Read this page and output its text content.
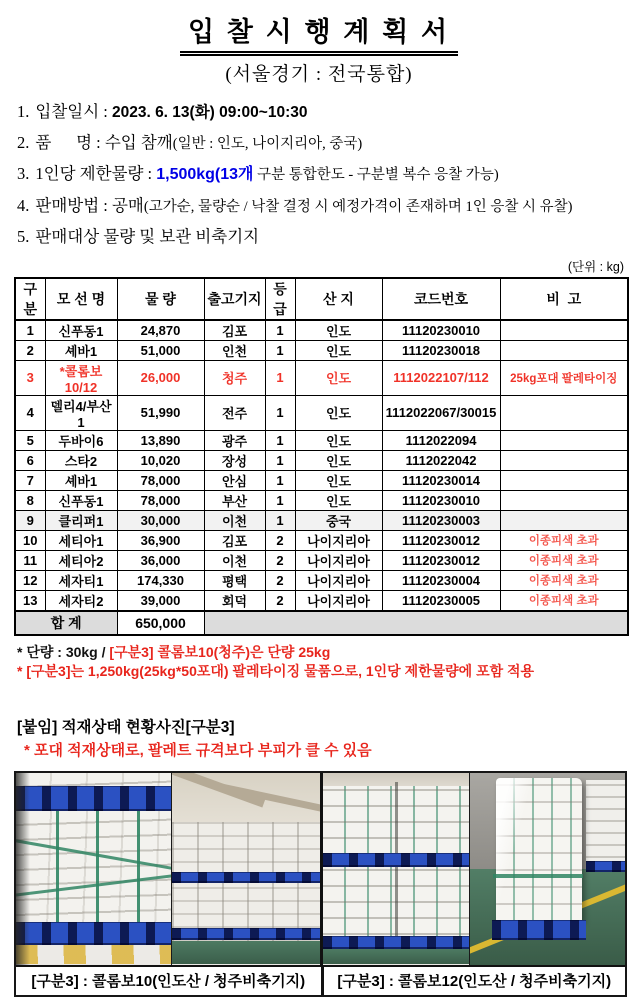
입 찰 시 행 계 획 서
(서울경기 : 전국통합)
1. 입찰일시 : 2023. 6. 13(화) 09:00~10:30
2. 품      명 : 수입 참깨(일반 : 인도, 나이지리아, 중국)
3. 1인당 제한물량 : 1,500kg(13개 구분 통합한도 - 구분별 복수 응찰 가능)
4. 판매방법 : 공매(고가순, 물량순 / 낙찰 결정 시 예정가격이 존재하며 1인 응찰 시 유찰)
5. 판매대상 물량 및 보관 비축기지
(단위 : kg)
구분	모 선 명	물 량	출고기지	등급	산 지	코드번호	비  고
1	신푸동1	24,870	김포	1	인도	11120230010	
2	셰바1	51,000	인천	1	인도	11120230018	
3	*콜롬보10/12	26,000	청주	1	인도	1112022107/112	25kg포대 팔레타이징
4	델리4/부산1	51,990	전주	1	인도	1112022067/30015	
5	두바이6	13,890	광주	1	인도	1112022094	
6	스타2	10,020	장성	1	인도	1112022042	
7	셰바1	78,000	안심	1	인도	11120230014	
8	신푸동1	78,000	부산	1	인도	11120230010	
9	클리퍼1	30,000	이천	1	중국	11120230003	
10	세티아1	36,900	김포	2	나이지리아	11120230012	이종피색 초과
11	세티아2	36,000	이천	2	나이지리아	11120230012	이종피색 초과
12	세자티1	174,330	평택	2	나이지리아	11120230004	이종피색 초과
13	세자티2	39,000	회덕	2	나이지리아	11120230005	이종피색 초과
합 계		650,000					
* 단량 : 30kg / [구분3] 콜롬보10(청주)은 단량 25kg
* [구분3]는 1,250kg(25kg*50포대) 팔레타이징 물품으로, 1인당 제한물량에 포함 적용
[붙임] 적재상태 현황사진[구분3]
* 포대 적재상태로, 팔레트 규격보다 부피가 클 수 있음
[구분3] : 콜롬보10(인도산 / 청주비축기지)	[구분3] : 콜롬보12(인도산 / 청주비축기지)
